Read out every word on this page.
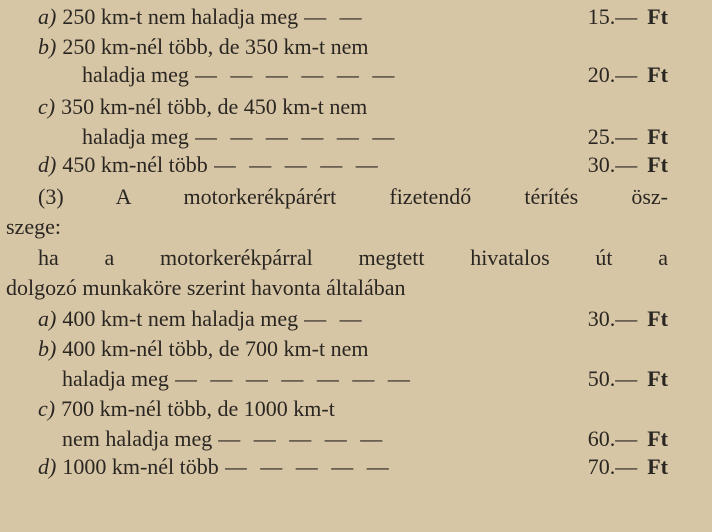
a) 250 km-t nem haladja meg — —	15.— Ft
b) 250 km-nél több, de 350 km-t nem
haladja meg — — — — — —	20.— Ft
c) 350 km-nél több, de 450 km-t nem
haladja meg — — — — — —	25.— Ft
d) 450 km-nél több — — — — —	30.— Ft
(3) A motorkerékpárért fizetendő térítés ösz-
szege:
ha a motorkerékpárral megtett hivatalos út a
dolgozó munkaköre szerint havonta általában
a) 400 km-t nem haladja meg — —	30.— Ft
b) 400 km-nél több, de 700 km-t nem
haladja meg — — — — — — —	50.— Ft
c) 700 km-nél több, de 1000 km-t
nem haladja meg — — — — —	60.— Ft
d) 1000 km-nél több — — — — —	70.— Ft
